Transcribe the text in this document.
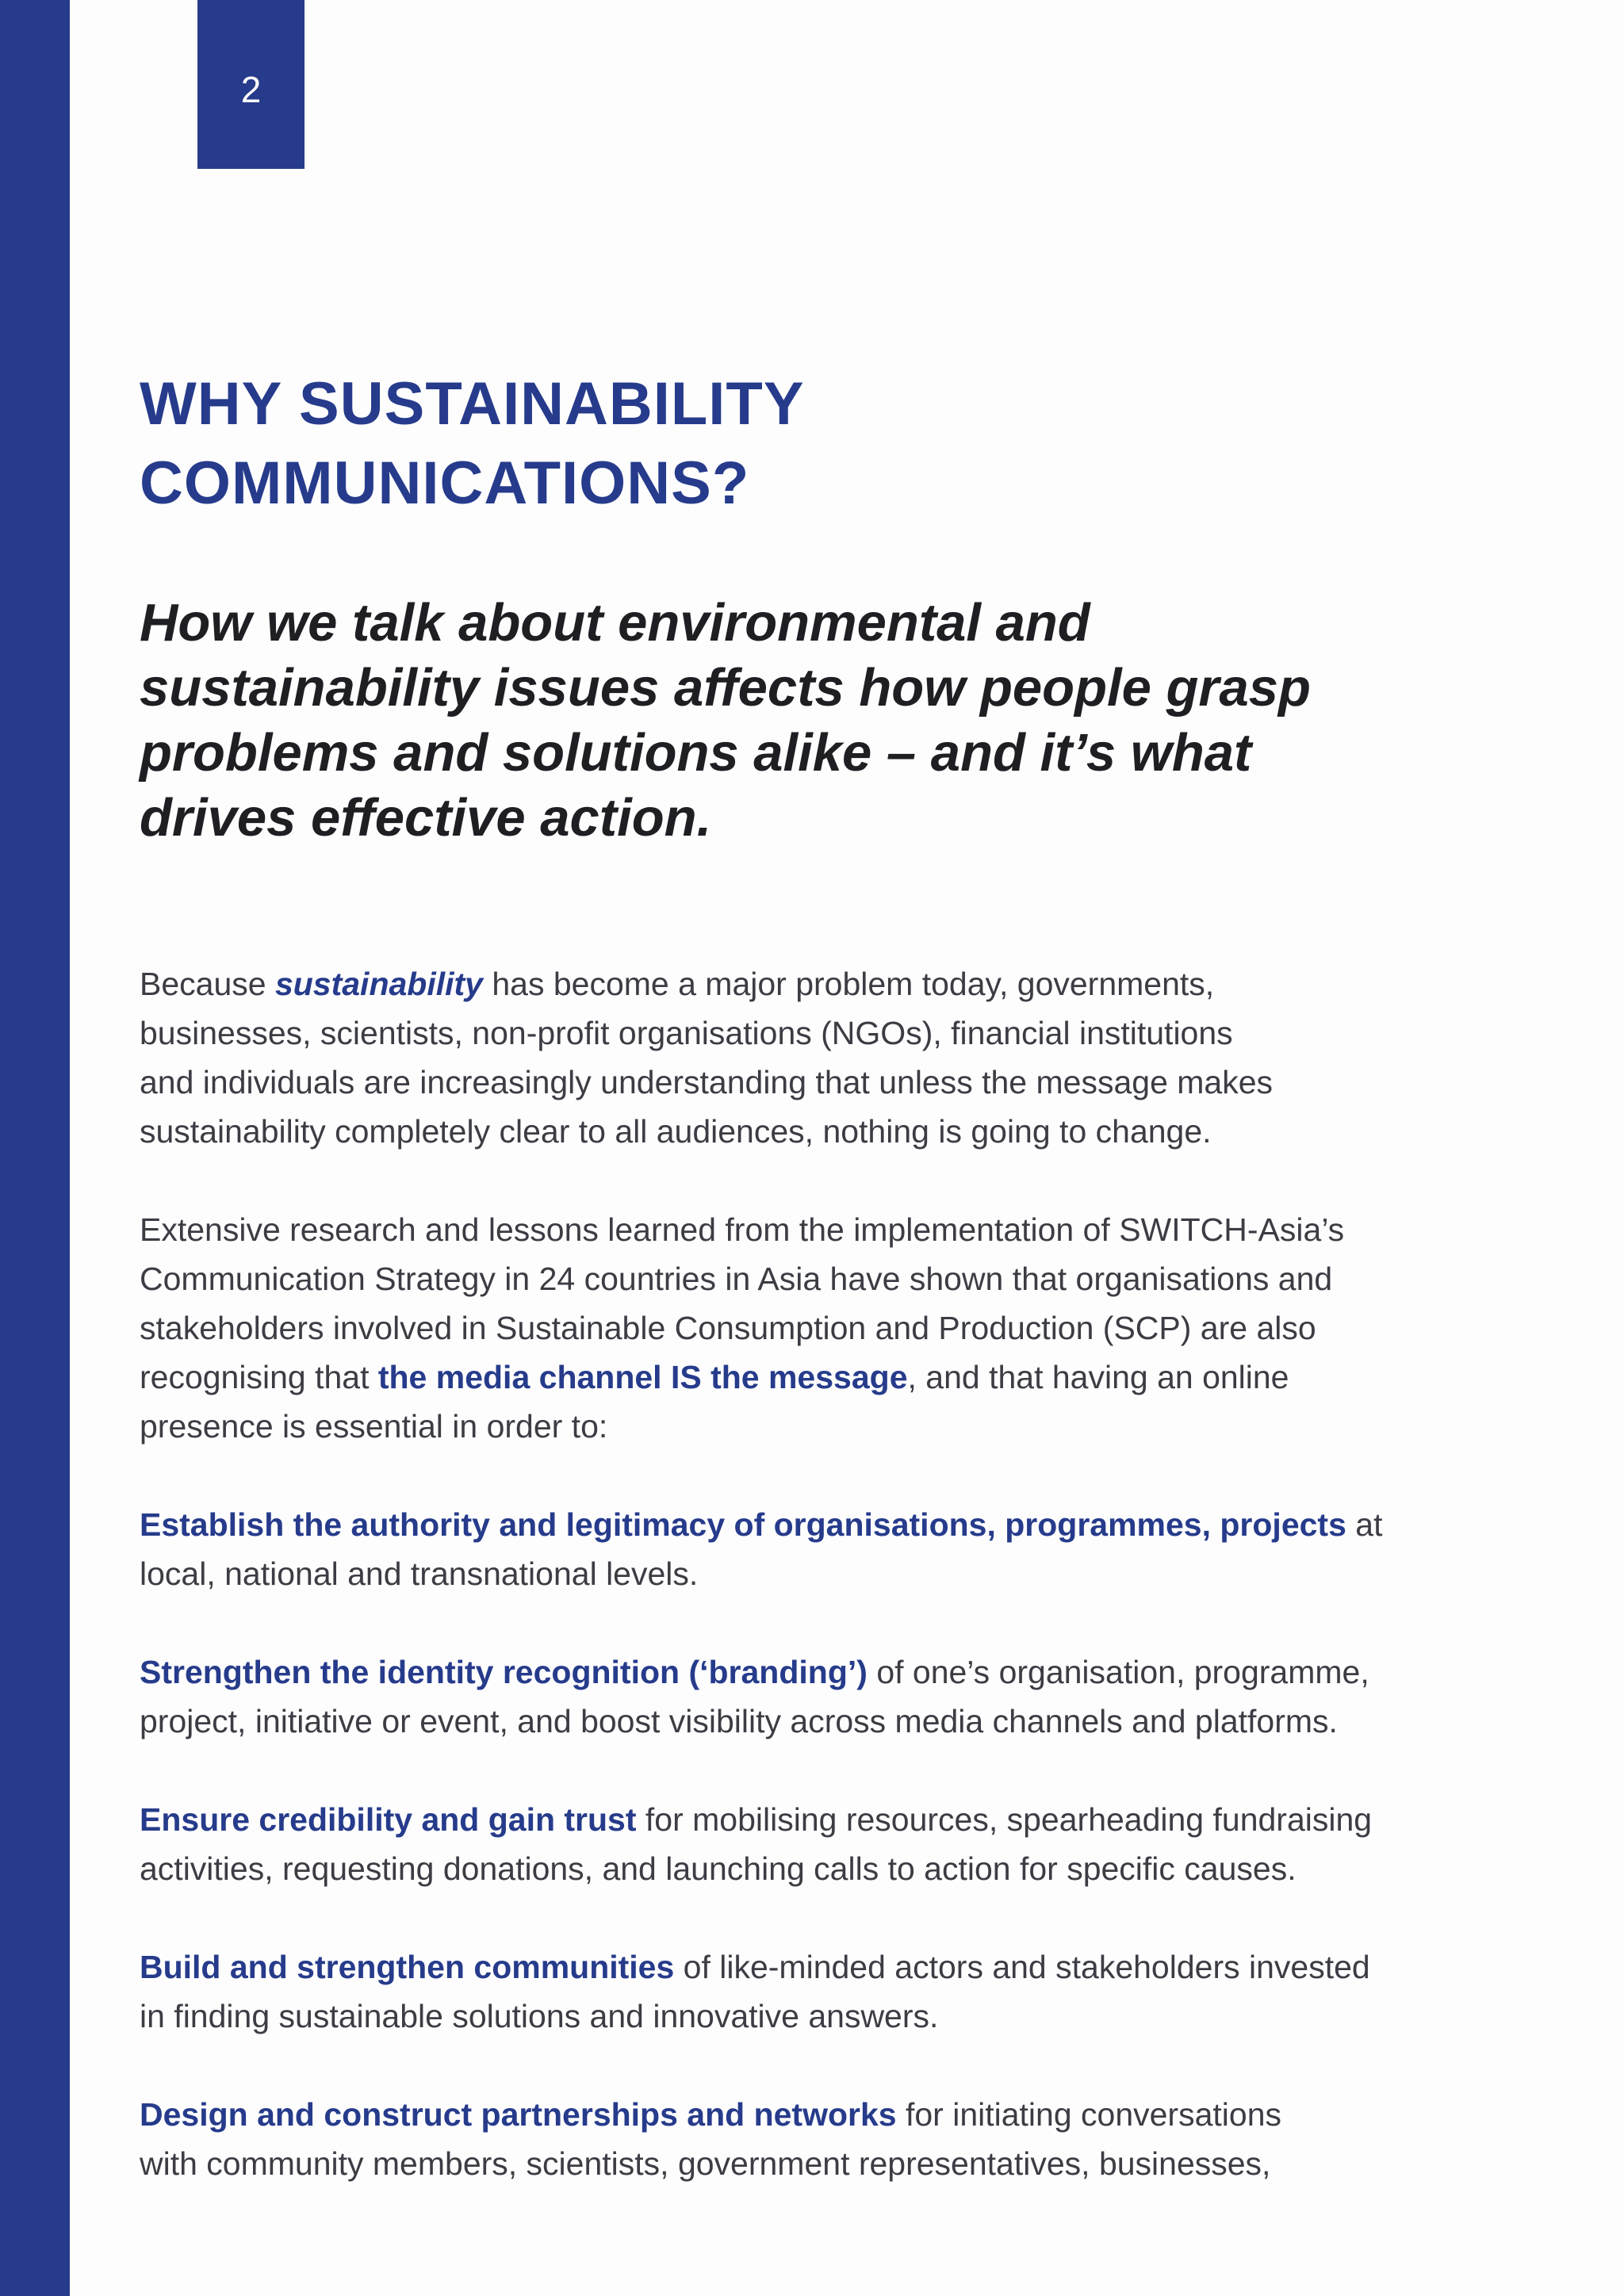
2
WHY SUSTAINABILITY
COMMUNICATIONS?
How we talk about environmental and
sustainability issues affects how people grasp
problems and solutions alike – and it’s what
drives effective action.

Because sustainability has become a major problem today, governments,
businesses, scientists, non-profit organisations (NGOs), financial institutions
and individuals are increasingly understanding that unless the message makes
sustainability completely clear to all audiences, nothing is going to change.

Extensive research and lessons learned from the implementation of SWITCH-Asia’s
Communication Strategy in 24 countries in Asia have shown that organisations and
stakeholders involved in Sustainable Consumption and Production (SCP) are also
recognising that the media channel IS the message, and that having an online
presence is essential in order to:

Establish the authority and legitimacy of organisations, programmes, projects at
local, national and transnational levels.

Strengthen the identity recognition (‘branding’) of one’s organisation, programme,
project, initiative or event, and boost visibility across media channels and platforms.

Ensure credibility and gain trust for mobilising resources, spearheading fundraising
activities, requesting donations, and launching calls to action for specific causes.

Build and strengthen communities of like-minded actors and stakeholders invested
in finding sustainable solutions and innovative answers.

Design and construct partnerships and networks for initiating conversations
with community members, scientists, government representatives, businesses,
